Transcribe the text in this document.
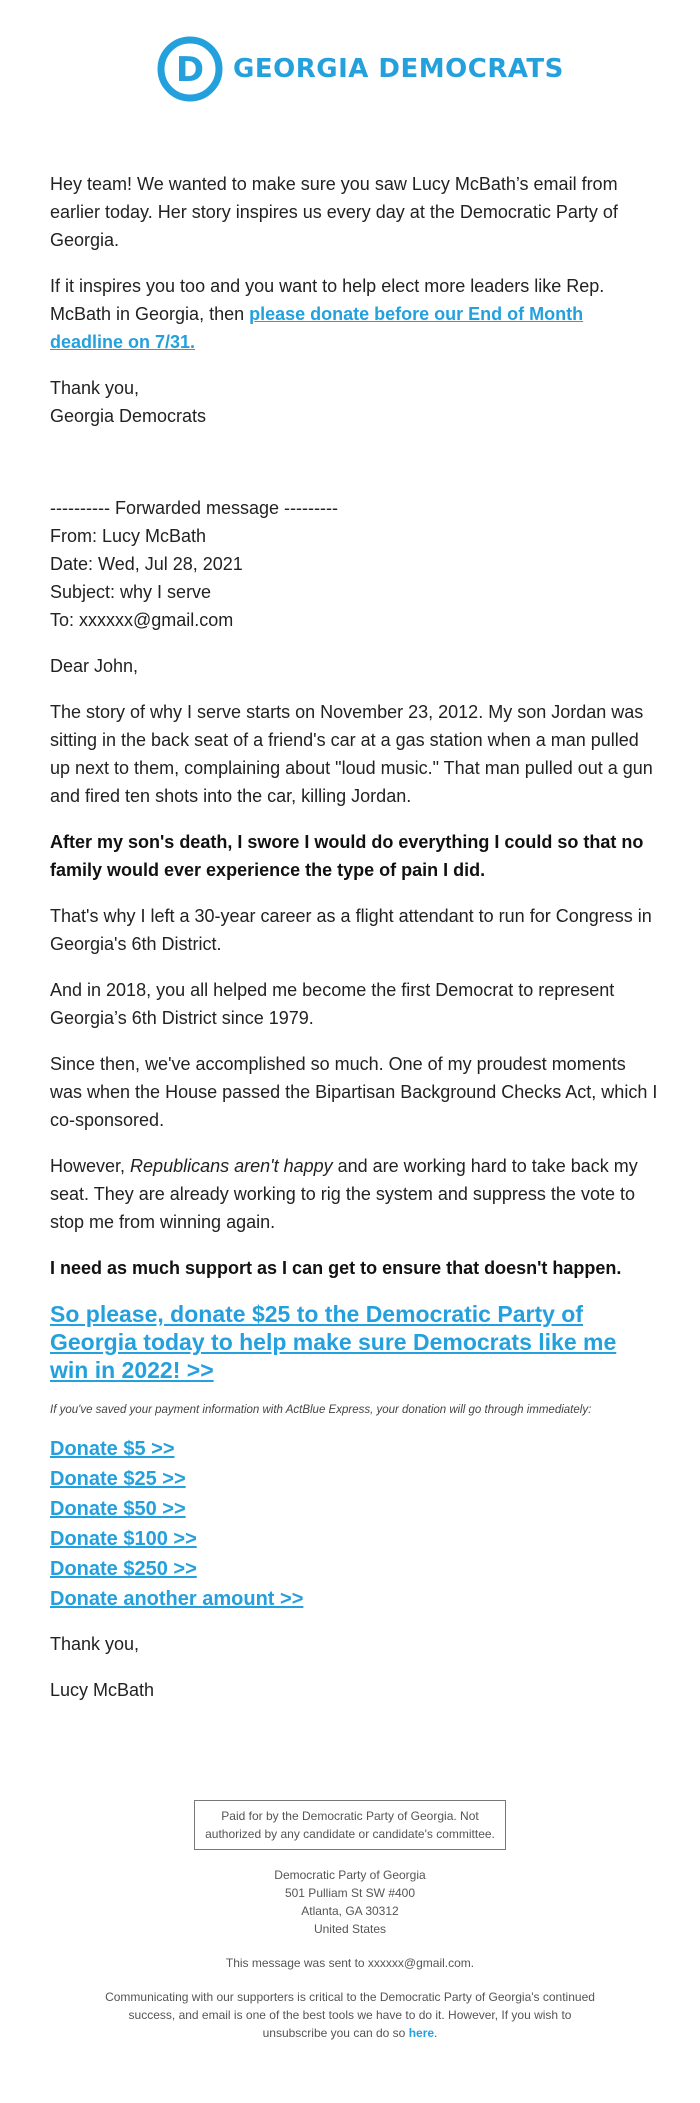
D GEORGIA DEMOCRATS

Hey team! We wanted to make sure you saw Lucy McBath’s email from earlier today. Her story inspires us every day at the Democratic Party of Georgia.

If it inspires you too and you want to help elect more leaders like Rep. McBath in Georgia, then please donate before our End of Month deadline on 7/31.

Thank you,
Georgia Democrats

---------- Forwarded message ---------

From: Lucy McBath

Date: Wed, Jul 28, 2021

Subject: why I serve

To: xxxxxx@gmail.com

Dear John,

The story of why I serve starts on November 23, 2012. My son Jordan was sitting in the back seat of a friend's car at a gas station when a man pulled up next to them, complaining about "loud music." That man pulled out a gun and fired ten shots into the car, killing Jordan.

After my son's death, I swore I would do everything I could so that no family would ever experience the type of pain I did.

That's why I left a 30-year career as a flight attendant to run for Congress in Georgia's 6th District.

And in 2018, you all helped me become the first Democrat to represent Georgia’s 6th District since 1979.

Since then, we've accomplished so much. One of my proudest moments was when the House passed the Bipartisan Background Checks Act, which I co-sponsored.

However, Republicans aren't happy and are working hard to take back my seat. They are already working to rig the system and suppress the vote to stop me from winning again.

I need as much support as I can get to ensure that doesn't happen.

So please, donate $25 to the Democratic Party of Georgia today to help make sure Democrats like me win in 2022! >>

If you've saved your payment information with ActBlue Express, your donation will go through immediately:

Donate $5 >>
Donate $25 >>
Donate $50 >>
Donate $100 >>
Donate $250 >>
Donate another amount >>

Thank you,

Lucy McBath

Paid for by the Democratic Party of Georgia. Not authorized by any candidate or candidate's committee.
Democratic Party of Georgia
501 Pulliam St SW #400
Atlanta, GA 30312
United States
This message was sent to xxxxxx@gmail.com.
Communicating with our supporters is critical to the Democratic Party of Georgia's continued success, and email is one of the best tools we have to do it. However, If you wish to unsubscribe you can do so here.
